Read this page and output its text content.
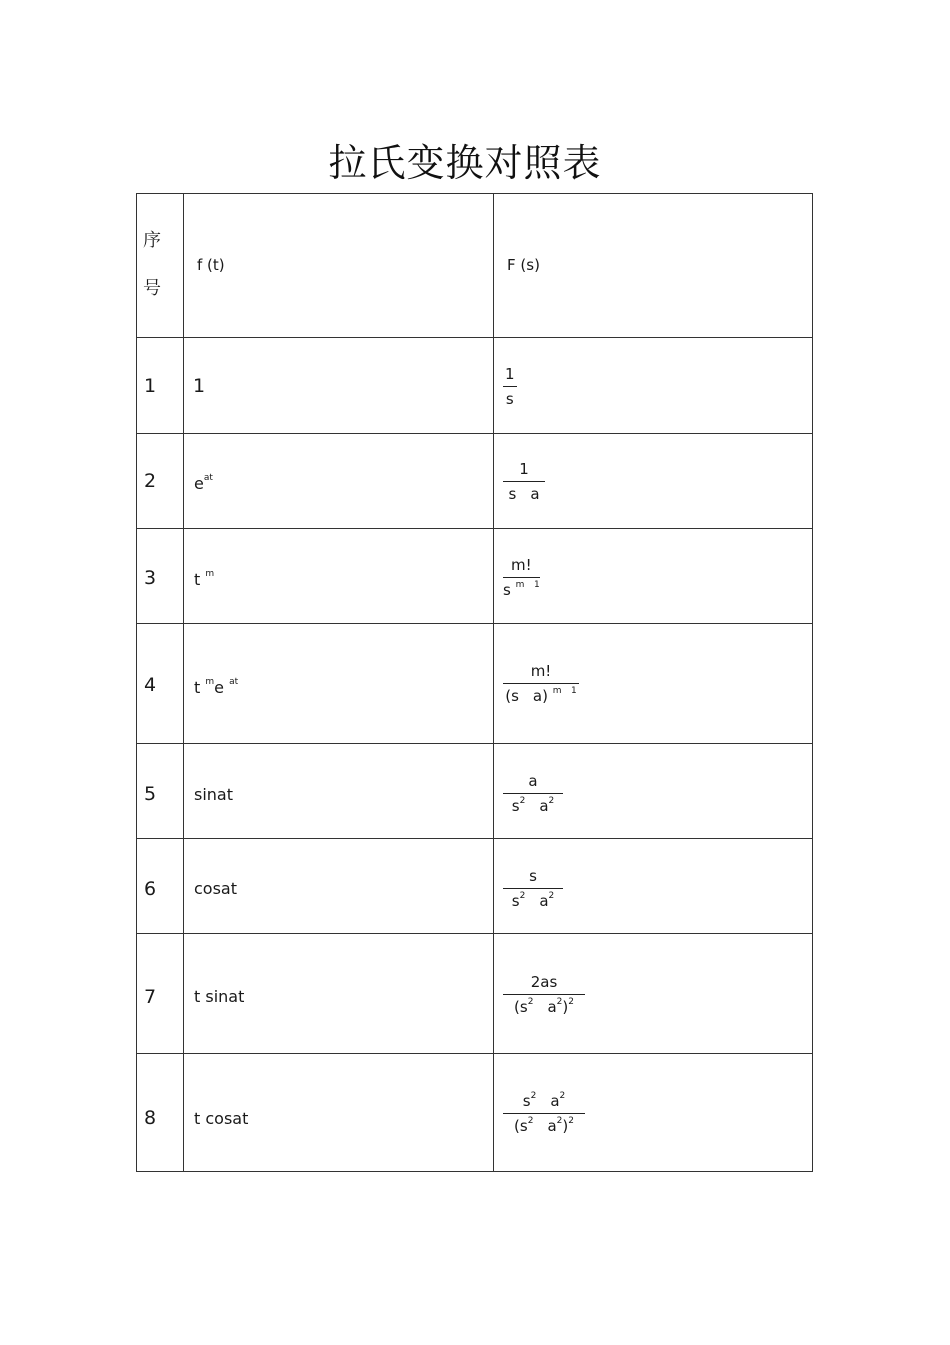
拉氏变换对照表
序
号
f (t)	F (s)
1 1	$\frac{1}{s}$
2 $e^{at}$	$\frac{1}{\text{s a}}$
3 t $^m$	$\frac{m!}{s ^m ^1}$
4 t $^m$e $^{at}$	$\frac{m!}{(s a) ^m ^1}$
5 sinat	$\frac{a}{s^2 a^2}$
6 cosat	$\frac{s}{s^2 a^2}$
7 t sinat	$\frac{2as}{(s^2 a^2)^2}$
8 t cosat	$\frac{s^2 a^2}{(s^2 a^2)^2}$
